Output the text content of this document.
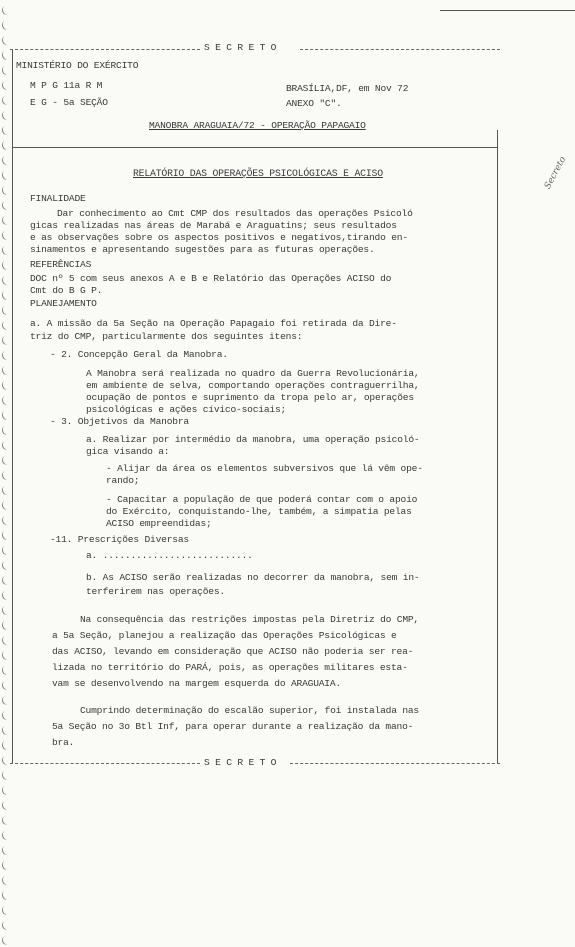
S E C R E T O
MINISTÉRIO DO EXÉRCITO
M P G 11a R M
E G - 5a SEÇÃO
BRASÍLIA,DF, em Nov 72
ANEXO "C".
MANOBRA ARAGUAIA/72 - OPERAÇÃO PAPAGAIO
RELATÓRIO DAS OPERAÇÕES PSICOLÓGICAS E ACISO
FINALIDADE
Dar conhecimento ao Cmt CMP dos resultados das operações Psicoló
gicas realizadas nas áreas de Marabá e Araguatins; seus resultados
e as observações sobre os aspectos positivos e negativos,tirando en-
sinamentos e apresentando sugestões para as futuras operações.
REFERÊNCIAS
DOC nº 5 com seus anexos A e B e Relatório das Operações ACISO do
Cmt do B G P.
PLANEJAMENTO
a. A missão da 5a Seção na Operação Papagaio foi retirada da Dire-
triz do CMP, particularmente dos seguintes itens:
- 2. Concepção Geral da Manobra.
A Manobra será realizada no quadro da Guerra Revolucionária,
em ambiente de selva, comportando operações contraguerrilha,
ocupação de pontos e suprimento da tropa pelo ar, operações
psicológicas e ações cívico-sociais;
- 3. Objetivos da Manobra
a. Realizar por intermédio da manobra, uma operação psicoló-
gica visando a:
- Alijar da área os elementos subversivos que lá vêm ope-
rando;
- Capacitar a população de que poderá contar com o apoio
do Exército, conquistando-lhe, também, a simpatia pelas
ACISO empreendidas;
-11. Prescrições Diversas
a. ...........................
b. As ACISO serão realizadas no decorrer da manobra, sem in-
terferirem nas operações.
Na consequência das restrições impostas pela Diretriz do CMP,
a 5a Seção, planejou a realização das Operações Psicológicas e
das ACISO, levando em consideração que ACISO não poderia ser rea-
lizada no território do PARÁ, pois, as operações militares esta-
vam se desenvolvendo na margem esquerda do ARAGUAIA.
Cumprindo determinação do escalão superior, foi instalada nas
5a Seção no 3o Btl Inf, para operar durante a realização da mano-
bra.
S E C R E T O
Secreto
